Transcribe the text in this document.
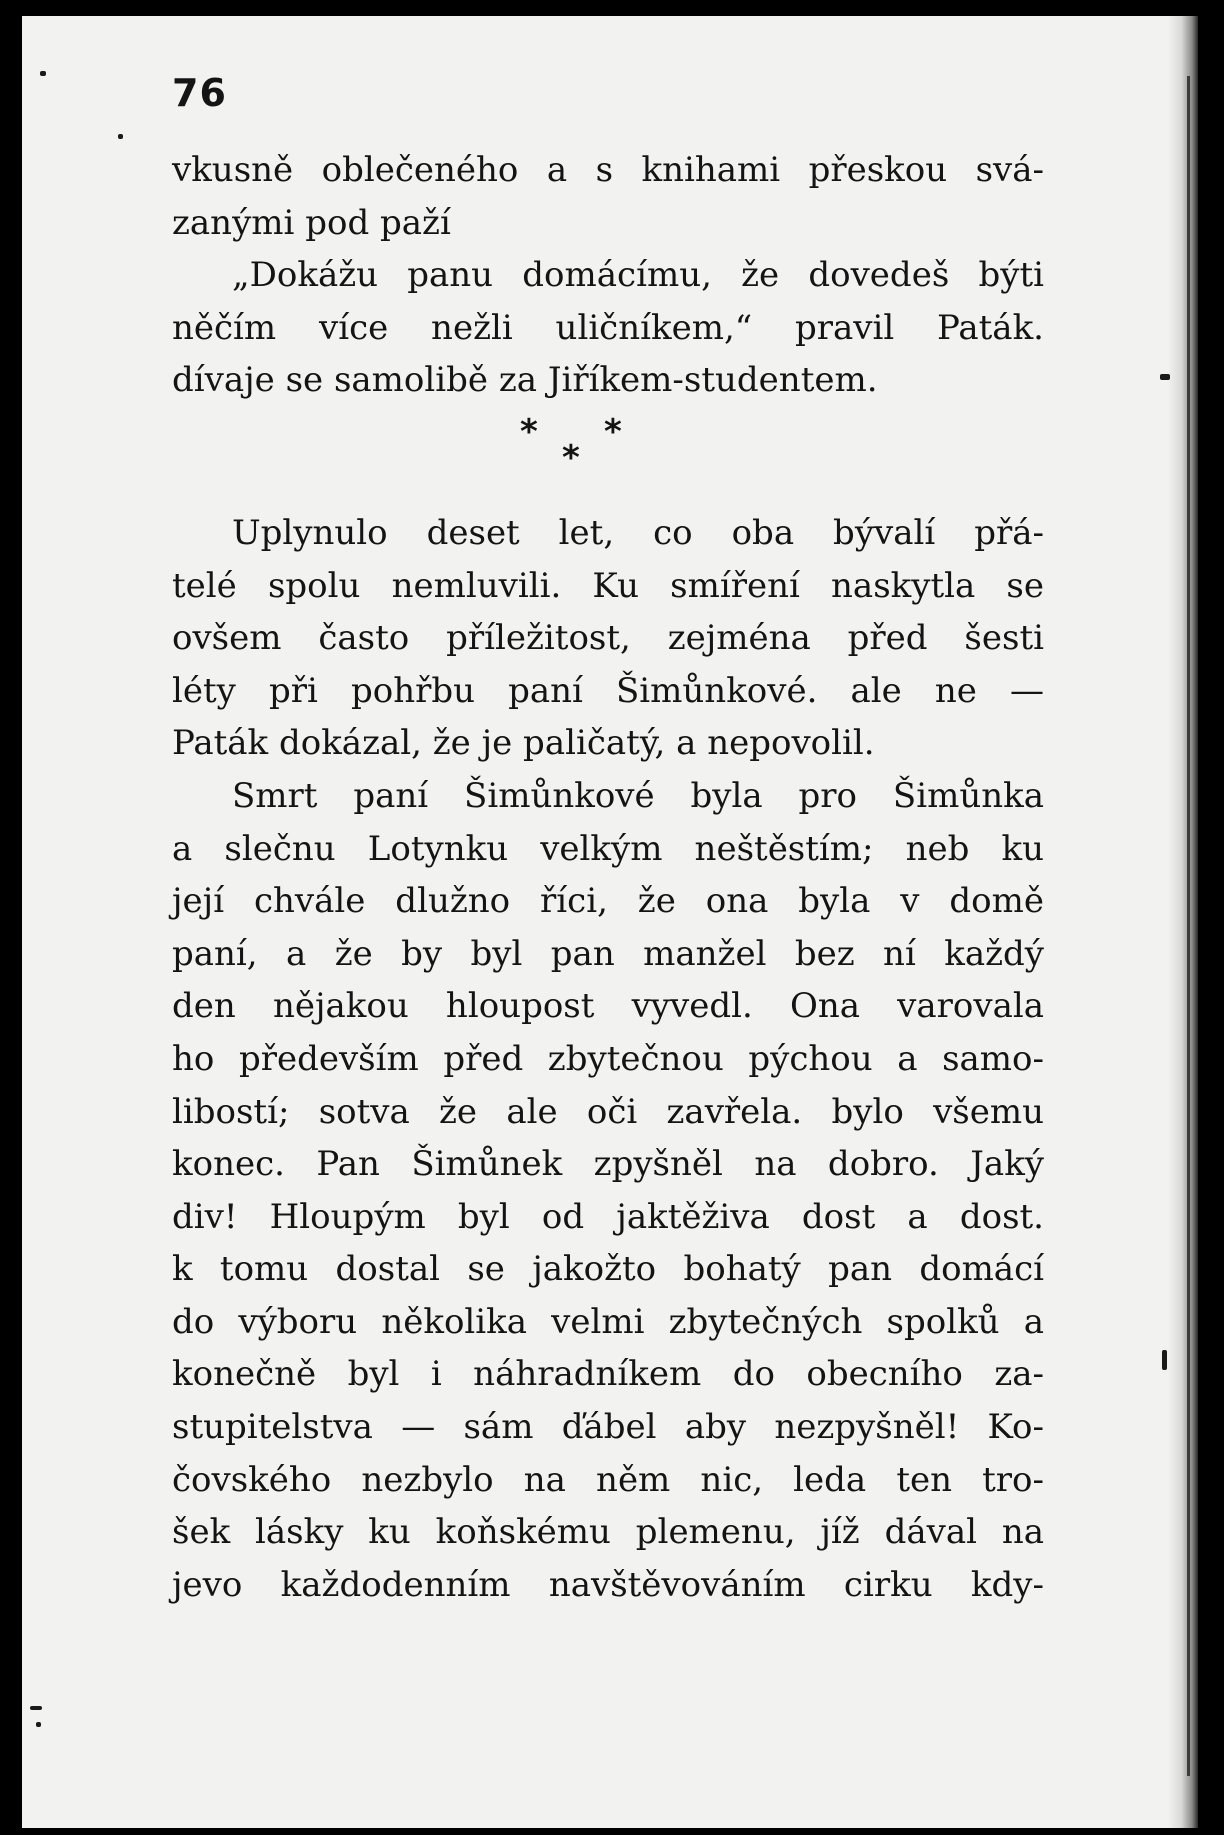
76
vkusně oblečeného a s knihami přeskou svá-
zanými pod paží
„Dokážu panu domácímu, že dovedeš býti
něčím více nežli uličníkem,“ pravil Paták.
dívaje se samolibě za Jiříkem-studentem.
* *
*
Uplynulo deset let, co oba bývalí přá-
telé spolu nemluvili. Ku smíření naskytla se
ovšem často příležitost, zejména před šesti
léty při pohřbu paní Šimůnkové. ale ne —
Paták dokázal, že je paličatý, a nepovolil.
Smrt paní Šimůnkové byla pro Šimůnka
a slečnu Lotynku velkým neštěstím; neb ku
její chvále dlužno říci, že ona byla v domě
paní, a že by byl pan manžel bez ní každý
den nějakou hloupost vyvedl. Ona varovala
ho především před zbytečnou pýchou a samo-
libostí; sotva že ale oči zavřela. bylo všemu
konec. Pan Šimůnek zpyšněl na dobro. Jaký
div! Hloupým byl od jaktěživa dost a dost.
k tomu dostal se jakožto bohatý pan domácí
do výboru několika velmi zbytečných spolků a
konečně byl i náhradníkem do obecního za-
stupitelstva — sám ďábel aby nezpyšněl! Ko-
čovského nezbylo na něm nic, leda ten tro-
šek lásky ku koňskému plemenu, jíž dával na
jevo každodenním navštěvováním cirku kdy-
